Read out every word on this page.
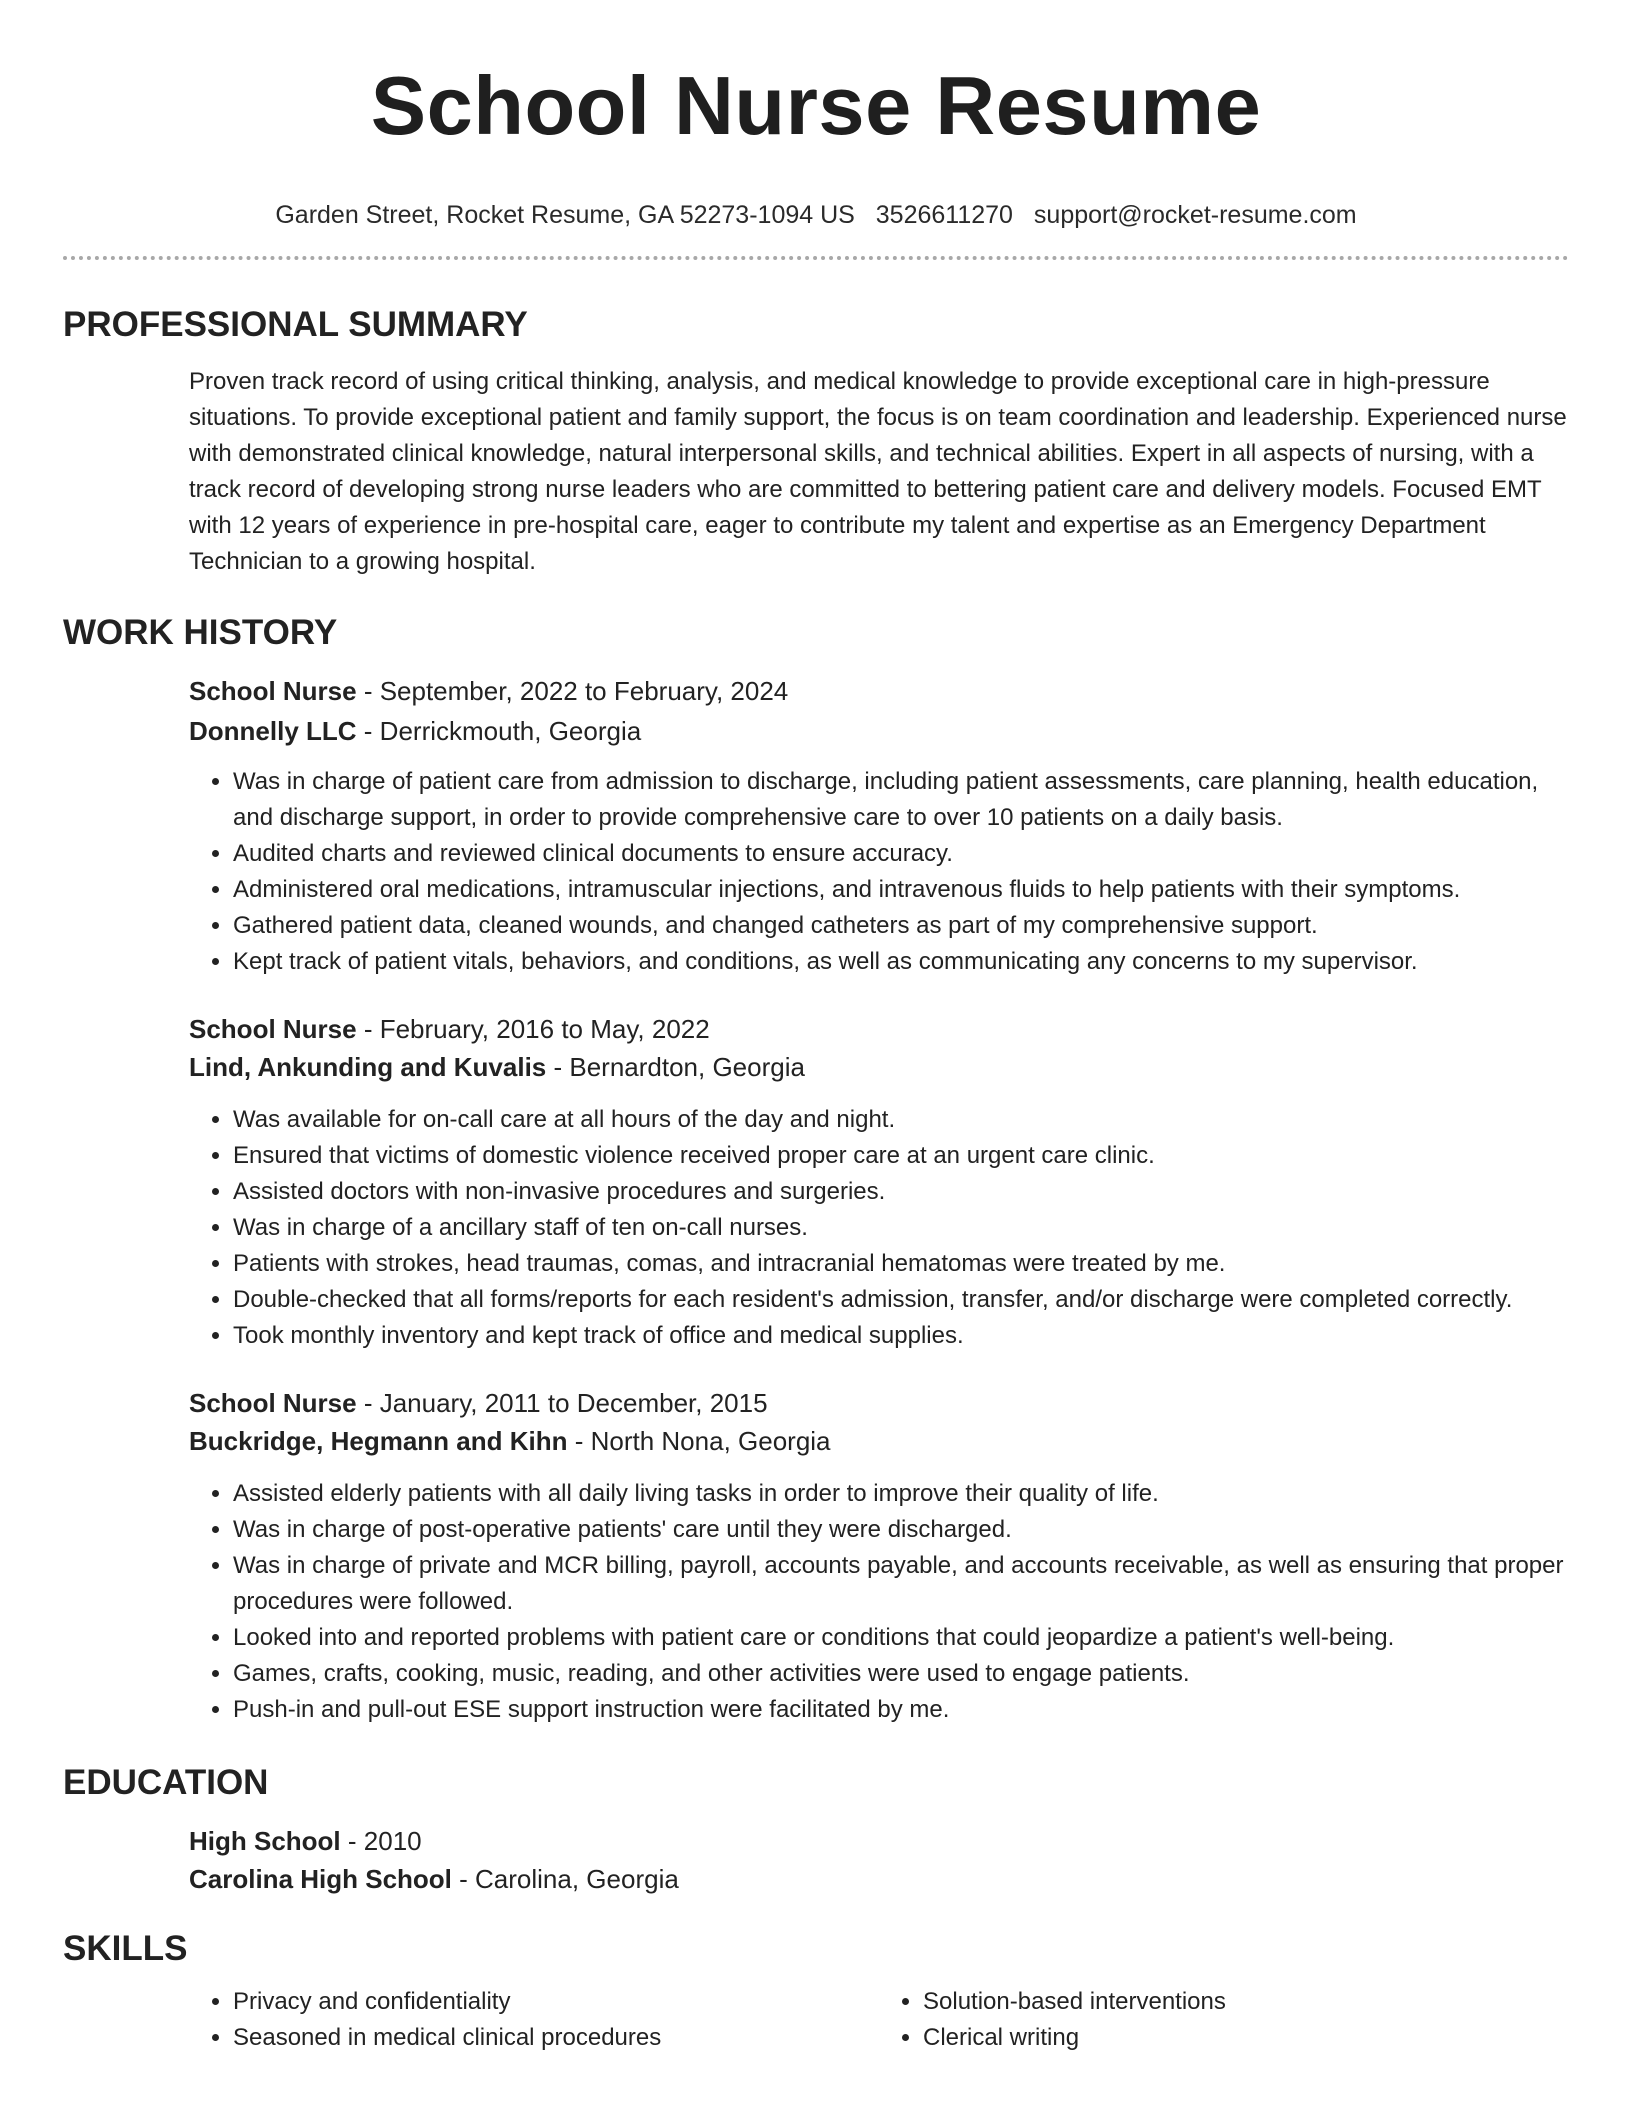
School Nurse Resume
Garden Street, Rocket Resume, GA 52273-1094 US 3526611270 support@rocket-resume.com
PROFESSIONAL SUMMARY

Proven track record of using critical thinking, analysis, and medical knowledge to provide exceptional care in high-pressure situations. To provide exceptional patient and family support, the focus is on team coordination and leadership. Experienced nurse with demonstrated clinical knowledge, natural interpersonal skills, and technical abilities. Expert in all aspects of nursing, with a track record of developing strong nurse leaders who are committed to bettering patient care and delivery models. Focused EMT with 12 years of experience in pre-hospital care, eager to contribute my talent and expertise as an Emergency Department Technician to a growing hospital.

WORK HISTORY

School Nurse - September, 2022 to February, 2024

Donnelly LLC - Derrickmouth, Georgia

• Was in charge of patient care from admission to discharge, including patient assessments, care planning, health education, and discharge support, in order to provide comprehensive care to over 10 patients on a daily basis.
• Audited charts and reviewed clinical documents to ensure accuracy.
• Administered oral medications, intramuscular injections, and intravenous fluids to help patients with their symptoms.
• Gathered patient data, cleaned wounds, and changed catheters as part of my comprehensive support.
• Kept track of patient vitals, behaviors, and conditions, as well as communicating any concerns to my supervisor.

School Nurse - February, 2016 to May, 2022

Lind, Ankunding and Kuvalis - Bernardton, Georgia

• Was available for on-call care at all hours of the day and night.
• Ensured that victims of domestic violence received proper care at an urgent care clinic.
• Assisted doctors with non-invasive procedures and surgeries.
• Was in charge of a ancillary staff of ten on-call nurses.
• Patients with strokes, head traumas, comas, and intracranial hematomas were treated by me.
• Double-checked that all forms/reports for each resident's admission, transfer, and/or discharge were completed correctly.
• Took monthly inventory and kept track of office and medical supplies.

School Nurse - January, 2011 to December, 2015

Buckridge, Hegmann and Kihn - North Nona, Georgia

• Assisted elderly patients with all daily living tasks in order to improve their quality of life.
• Was in charge of post-operative patients' care until they were discharged.
• Was in charge of private and MCR billing, payroll, accounts payable, and accounts receivable, as well as ensuring that proper procedures were followed.
• Looked into and reported problems with patient care or conditions that could jeopardize a patient's well-being.
• Games, crafts, cooking, music, reading, and other activities were used to engage patients.
• Push-in and pull-out ESE support instruction were facilitated by me.
EDUCATION

High School - 2010

Carolina High School - Carolina, Georgia

SKILLS
• Privacy and confidentiality
• Seasoned in medical clinical procedures
• Solution-based interventions
• Clerical writing
